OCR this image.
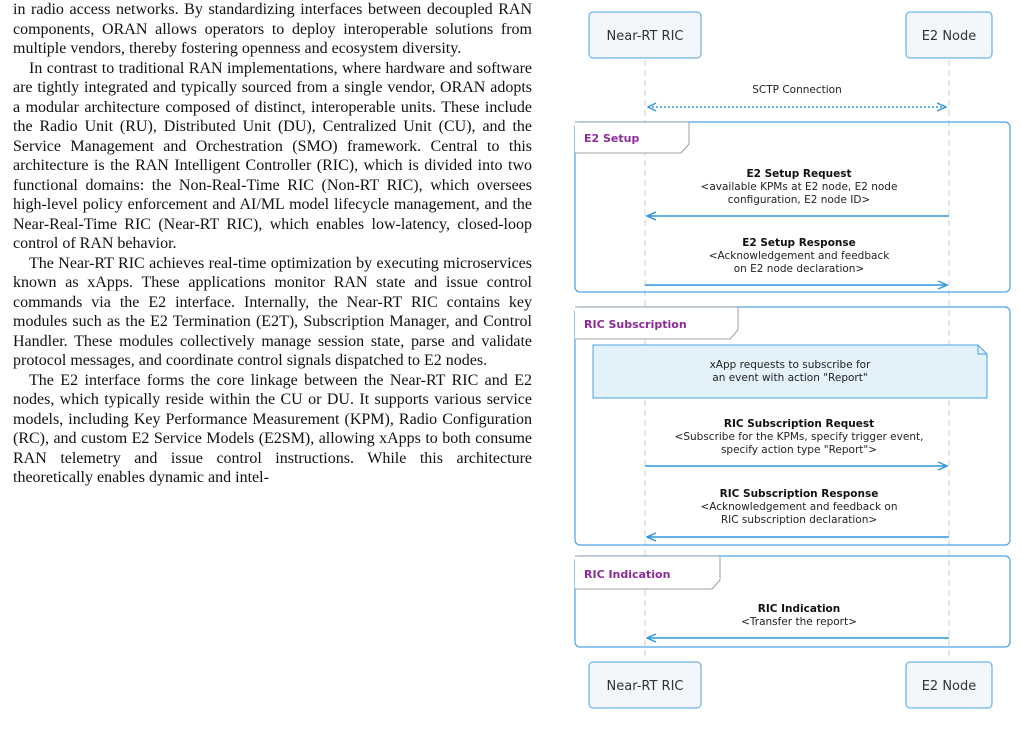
in radio access networks. By standardizing interfaces between decoupled RAN components, ORAN allows operators to deploy interoperable solutions from multiple vendors, thereby fostering openness and ecosystem diversity.

In contrast to traditional RAN implementations, where hardware and software are tightly integrated and typically sourced from a single vendor, ORAN adopts a modular architecture composed of distinct, interoperable units. These include the Radio Unit (RU), Distributed Unit (DU), Centralized Unit (CU), and the Service Management and Orchestration (SMO) framework. Central to this architecture is the RAN Intelligent Controller (RIC), which is divided into two functional domains: the Non-Real-Time RIC (Non-RT RIC), which oversees high-level policy enforcement and AI/ML model lifecycle management, and the Near-Real-Time RIC (Near-RT RIC), which enables low-latency, closed-loop control of RAN behavior.

The Near-RT RIC achieves real-time optimization by executing microservices known as xApps. These applications monitor RAN state and issue control commands via the E2 interface. Internally, the Near-RT RIC contains key modules such as the E2 Termination (E2T), Subscription Manager, and Control Handler. These modules collectively manage session state, parse and validate protocol messages, and coordinate control signals dispatched to E2 nodes.

The E2 interface forms the core linkage between the Near-RT RIC and E2 nodes, which typically reside within the CU or DU. It supports various service models, including Key Performance Measurement (KPM), Radio Configuration (RC), and custom E2 Service Models (E2SM), allowing xApps to both consume RAN telemetry and issue control instructions. While this architecture theoretically enables dynamic and intel-

Near-RT RIC	E2 Node
SCTP Connection
E2 Setup
E2 Setup Request
<available KPMs at E2 node, E2 node
configuration, E2 node ID>
E2 Setup Response
<Acknowledgement and feedback
on E2 node declaration>
RIC Subscription
xApp requests to subscribe for
an event with action "Report"
RIC Subscription Request
<Subscribe for the KPMs, specify trigger event,
specify action type "Report">
RIC Subscription Response
<Acknowledgement and feedback on
RIC subscription declaration>
RIC Indication
RIC Indication
<Transfer the report>
Near-RT RIC	E2 Node
